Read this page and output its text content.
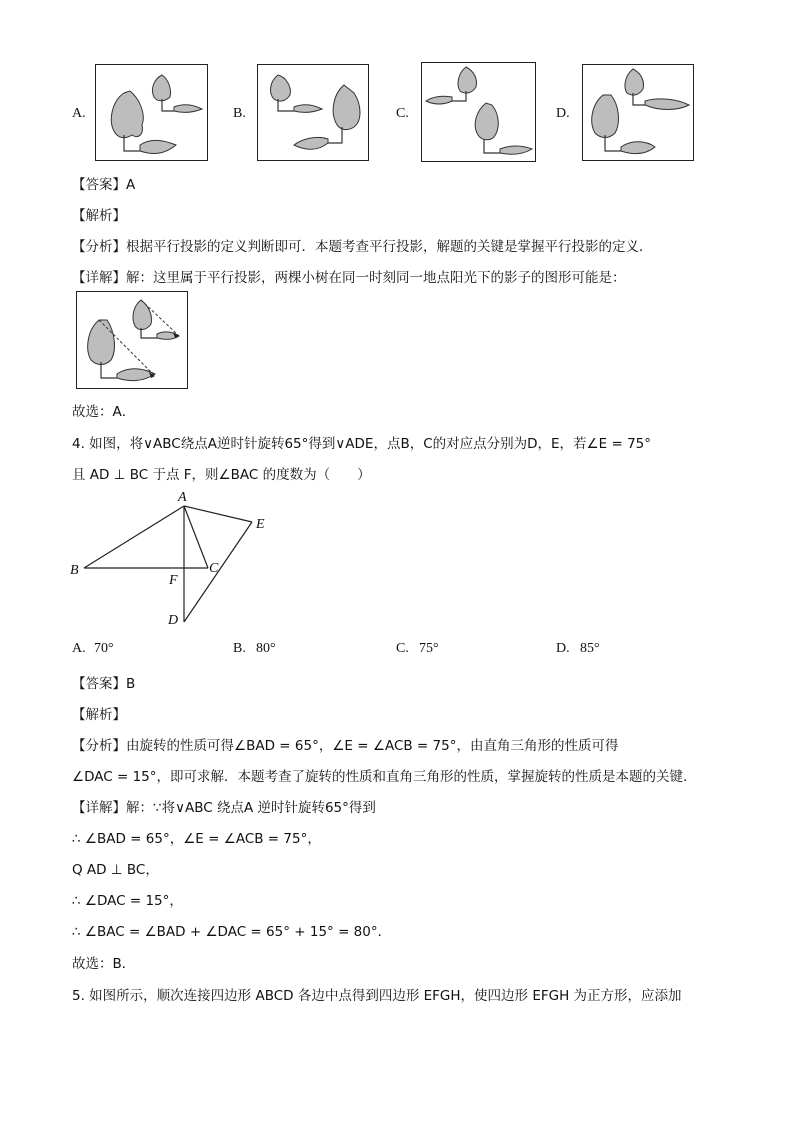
A.	B.	C.	D.
【答案】A
【解析】
【分析】根据平行投影的定义判断即可．本题考查平行投影，解题的关键是掌握平行投影的定义．
【详解】解：这里属于平行投影，两棵小树在同一时刻同一地点阳光下的影子的图形可能是：
故选：A．
4. 如图，将∨ABC绕点A逆时针旋转65°得到∨ADE，点B，C的对应点分别为D，E，若∠E = 75°
且 AD ⊥ BC 于点 F，则∠BAC 的度数为（　　）
A
B	C
D
E
F
A. 70°	B. 80°	C. 75°	D. 85°
【答案】B
【解析】
【分析】由旋转的性质可得∠BAD = 65°，∠E = ∠ACB = 75°，由直角三角形的性质可得
∠DAC = 15°，即可求解．本题考查了旋转的性质和直角三角形的性质，掌握旋转的性质是本题的关键．
【详解】解：∵将∨ABC 绕点A 逆时针旋转65°得到
∴ ∠BAD = 65°，∠E = ∠ACB = 75°，
Q AD ⊥ BC，
∴ ∠DAC = 15°，
∴ ∠BAC = ∠BAD + ∠DAC = 65° + 15° = 80°．
故选：B．
5. 如图所示，顺次连接四边形 ABCD 各边中点得到四边形 EFGH，使四边形 EFGH 为正方形，应添加
